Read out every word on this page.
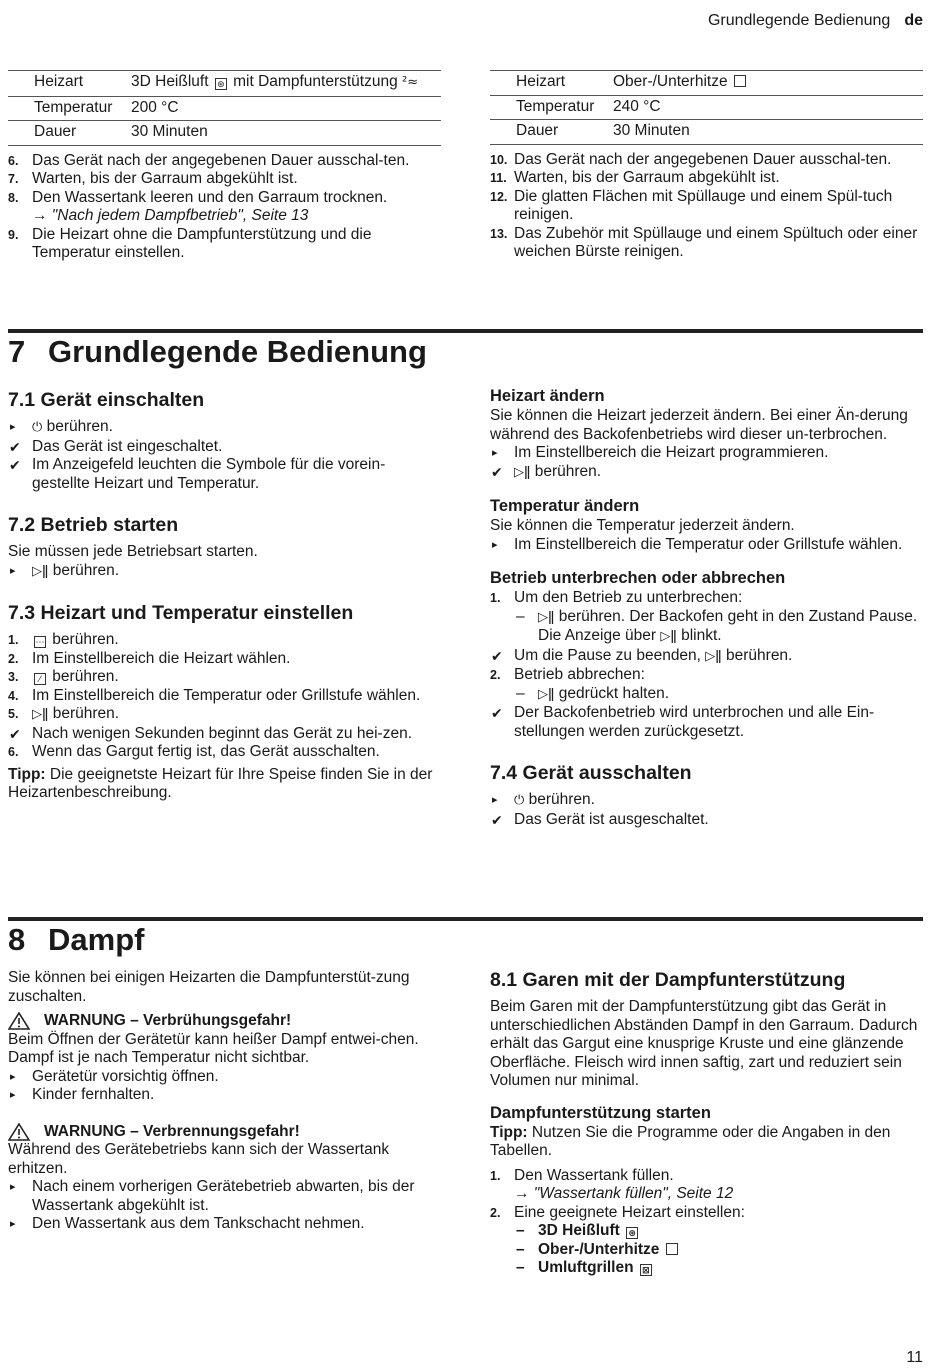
Grundlegende Bedienung de
Heizart	3D Heißluft ⊛ mit Dampfunterstützung ²≈
Temperatur	200 °C
Dauer	30 Minuten
6. Das Gerät nach der angegebenen Dauer ausschal-ten.
7. Warten, bis der Garraum abgekühlt ist.
8. Den Wassertank leeren und den Garraum trocknen.
→ "Nach jedem Dampfbetrieb", Seite 13
9. Die Heizart ohne die Dampfunterstützung und die Temperatur einstellen.
Heizart	Ober-/Unterhitze
Temperatur	240 °C
Dauer	30 Minuten
10. Das Gerät nach der angegebenen Dauer ausschal-ten.
11. Warten, bis der Garraum abgekühlt ist.
12. Die glatten Flächen mit Spüllauge und einem Spül-tuch reinigen.
13. Das Zubehör mit Spüllauge und einem Spültuch oder einer weichen Bürste reinigen.
7 Grundlegende Bedienung
7.1 Gerät einschalten
▸ ⏻ berühren.
✔ Das Gerät ist eingeschaltet.
✔ Im Anzeigefeld leuchten die Symbole für die vorein-gestellte Heizart und Temperatur.
7.2 Betrieb starten
Sie müssen jede Betriebsart starten.
▸ ▷ǁ berühren.
7.3 Heizart und Temperatur einstellen
1. ⋯ berühren.
2. Im Einstellbereich die Heizart wählen.
3. ⁄ berühren.
4. Im Einstellbereich die Temperatur oder Grillstufe wählen.
5. ▷ǁ berühren.
✔ Nach wenigen Sekunden beginnt das Gerät zu hei-zen.
6. Wenn das Gargut fertig ist, das Gerät ausschalten.
Tipp: Die geeignetste Heizart für Ihre Speise finden Sie in der Heizartenbeschreibung.
Heizart ändern
Sie können die Heizart jederzeit ändern. Bei einer Än-derung während des Backofenbetriebs wird dieser un-terbrochen.
▸ Im Einstellbereich die Heizart programmieren.
✔ ▷ǁ berühren.
Temperatur ändern
Sie können die Temperatur jederzeit ändern.
▸ Im Einstellbereich die Temperatur oder Grillstufe wählen.
Betrieb unterbrechen oder abbrechen
1. Um den Betrieb zu unterbrechen:
– ▷ǁ berühren. Der Backofen geht in den Zustand Pause. Die Anzeige über ▷ǁ blinkt.
✔ Um die Pause zu beenden, ▷ǁ berühren.
2. Betrieb abbrechen:
– ▷ǁ gedrückt halten.
✔ Der Backofenbetrieb wird unterbrochen und alle Ein-stellungen werden zurückgesetzt.
7.4 Gerät ausschalten
▸ ⏻ berühren.
✔ Das Gerät ist ausgeschaltet.
8 Dampf
Sie können bei einigen Heizarten die Dampfunterstüt-zung zuschalten.
WARNUNG – Verbrühungsgefahr!
Beim Öffnen der Gerätetür kann heißer Dampf entwei-chen. Dampf ist je nach Temperatur nicht sichtbar.
▸ Gerätetür vorsichtig öffnen.
▸ Kinder fernhalten.
WARNUNG – Verbrennungsgefahr!
Während des Gerätebetriebs kann sich der Wassertank erhitzen.
▸ Nach einem vorherigen Gerätebetrieb abwarten, bis der Wassertank abgekühlt ist.
▸ Den Wassertank aus dem Tankschacht nehmen.
8.1 Garen mit der Dampfunterstützung
Beim Garen mit der Dampfunterstützung gibt das Gerät in unterschiedlichen Abständen Dampf in den Garraum. Dadurch erhält das Gargut eine knusprige Kruste und eine glänzende Oberfläche. Fleisch wird innen saftig, zart und reduziert sein Volumen nur minimal.
Dampfunterstützung starten
Tipp: Nutzen Sie die Programme oder die Angaben in den Tabellen.
1. Den Wassertank füllen.
→ "Wassertank füllen", Seite 12
2. Eine geeignete Heizart einstellen:
– 3D Heißluft ⊛
– Ober-/Unterhitze
– Umluftgrillen ⊠
11
